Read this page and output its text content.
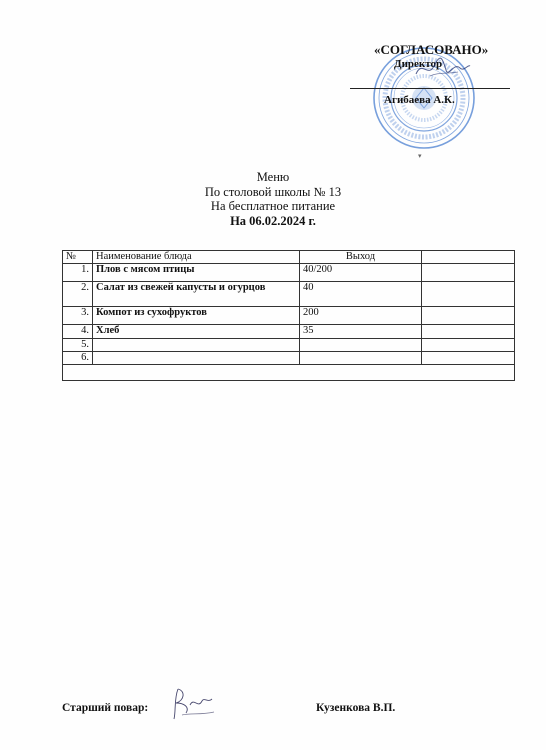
«СОГЛАСОВАНО»
Директор
Агибаева А.К.
▾
Меню
По столовой школы № 13
На бесплатное питание
На 06.02.2024 г.
№	Наименование блюда	Выход	
1.	Плов с мясом птицы	40/200	
2.	Салат из свежей капусты и огурцов	40	
3.	Компот из сухофруктов	200	
4.	Хлеб	35	
5.			
6.			

Старший повар:	Кузенкова В.П.
